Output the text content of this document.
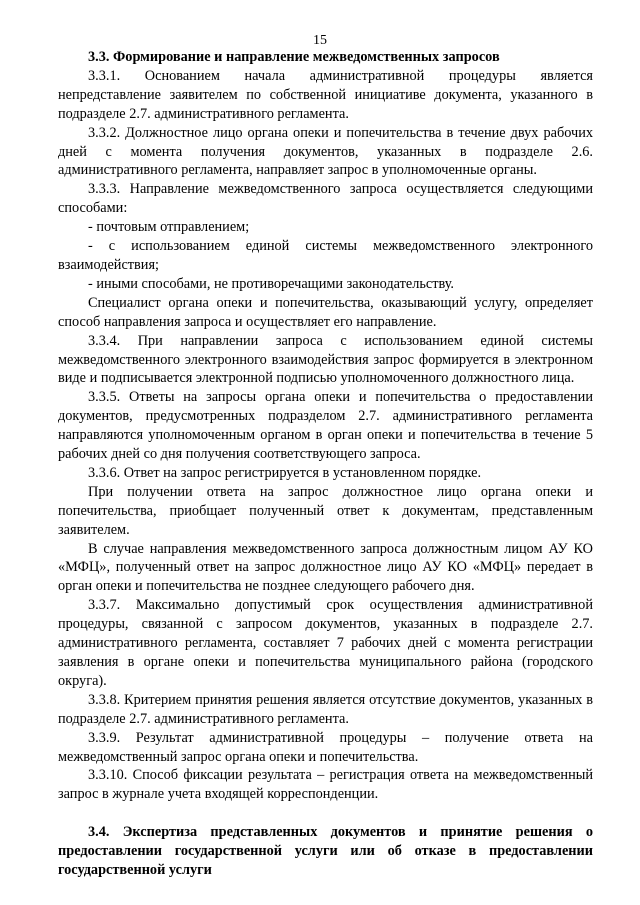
15
3.3. Формирование и направление межведомственных запросов

3.3.1. Основанием начала административной процедуры является непредставление заявителем по собственной инициативе документа, указанного в подразделе 2.7. административного регламента.

3.3.2. Должностное лицо органа опеки и попечительства в течение двух рабочих дней с момента получения документов, указанных в подразделе 2.6. административного регламента, направляет запрос в уполномоченные органы.

3.3.3. Направление межведомственного запроса осуществляется следующими способами:

- почтовым отправлением;

- с использованием единой системы межведомственного электронного взаимодействия;

- иными способами, не противоречащими законодательству.

Специалист органа опеки и попечительства, оказывающий услугу, определяет способ направления запроса и осуществляет его направление.

3.3.4. При направлении запроса с использованием единой системы межведомственного электронного взаимодействия запрос формируется в электронном виде и подписывается электронной подписью уполномоченного должностного лица.

3.3.5. Ответы на запросы органа опеки и попечительства о предоставлении документов, предусмотренных подразделом 2.7. административного регламента направляются уполномоченным органом в орган опеки и попечительства в течение 5 рабочих дней со дня получения соответствующего запроса.

3.3.6. Ответ на запрос регистрируется в установленном порядке.

При получении ответа на запрос должностное лицо органа опеки и попечительства, приобщает полученный ответ к документам, представленным заявителем.

В случае направления межведомственного запроса должностным лицом АУ КО «МФЦ», полученный ответ на запрос должностное лицо АУ КО «МФЦ» передает в орган опеки и попечительства не позднее следующего рабочего дня.

3.3.7. Максимально допустимый срок осуществления административной процедуры, связанной с запросом документов, указанных в подразделе 2.7. административного регламента, составляет 7 рабочих дней с момента регистрации заявления в органе опеки и попечительства муниципального района (городского округа).

3.3.8. Критерием принятия решения является отсутствие документов, указанных в подразделе 2.7. административного регламента.

3.3.9. Результат административной процедуры – получение ответа на межведомственный запрос органа опеки и попечительства.

3.3.10. Способ фиксации результата – регистрация ответа на межведомственный запрос в журнале учета входящей корреспонденции.

3.4. Экспертиза представленных документов и принятие решения о предоставлении государственной услуги или об отказе в предоставлении государственной услуги
